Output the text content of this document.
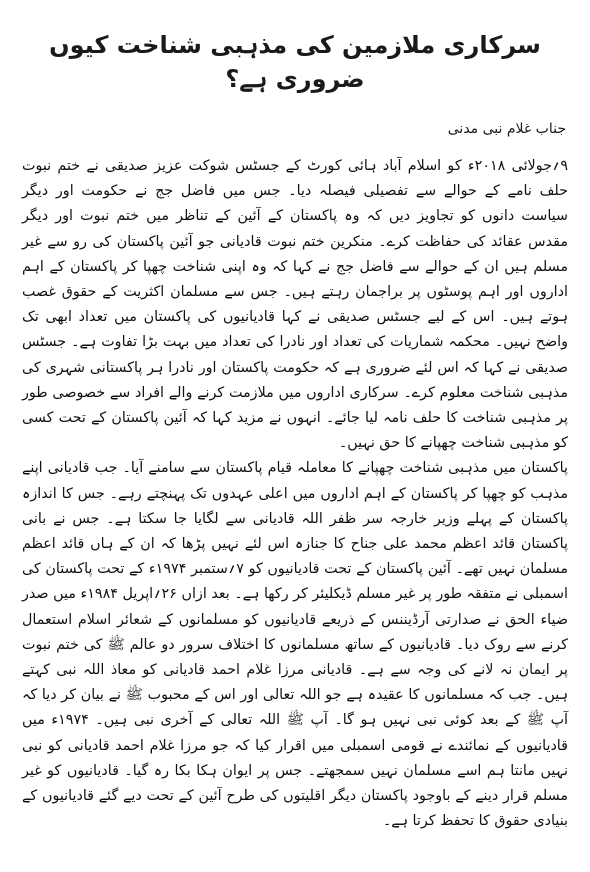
سرکاری ملازمین کی مذہبی شناخت کیوں ضروری ہے؟
جناب غلام نبی مدنی

۹؍جولائی ۲۰۱۸ء کو اسلام آباد ہائی کورٹ کے جسٹس شوکت عزیز صدیقی نے ختم نبوت حلف نامے کے حوالے سے تفصیلی فیصلہ دیا۔ جس میں فاضل جج نے حکومت اور دیگر سیاست دانوں کو تجاویز دیں کہ وہ پاکستان کے آئین کے تناظر میں ختم نبوت اور دیگر مقدس عقائد کی حفاظت کرے۔ منکرین ختم نبوت قادیانی جو آئین پاکستان کی رو سے غیر مسلم ہیں ان کے حوالے سے فاضل جج نے کہا کہ وہ اپنی شناخت چھپا کر پاکستان کے اہم اداروں اور اہم پوسٹوں پر براجمان رہتے ہیں۔ جس سے مسلمان اکثریت کے حقوق غصب ہوتے ہیں۔ اس کے لیے جسٹس صدیقی نے کہا قادیانیوں کی پاکستان میں تعداد ابھی تک واضح نہیں۔ محکمہ شماریات کی تعداد اور نادرا کی تعداد میں بہت بڑا تفاوت ہے۔ جسٹس صدیقی نے کہا کہ اس لئے ضروری ہے کہ حکومت پاکستان اور نادرا ہر پاکستانی شہری کی مذہبی شناخت معلوم کرے۔ سرکاری اداروں میں ملازمت کرنے والے افراد سے خصوصی طور پر مذہبی شناخت کا حلف نامہ لیا جائے۔ انہوں نے مزید کہا کہ آئین پاکستان کے تحت کسی کو مذہبی شناخت چھپانے کا حق نہیں۔

پاکستان میں مذہبی شناخت چھپانے کا معاملہ قیام پاکستان سے سامنے آیا۔ جب قادیانی اپنے مذہب کو چھپا کر پاکستان کے اہم اداروں میں اعلی عہدوں تک پہنچتے رہے۔ جس کا اندازہ پاکستان کے پہلے وزیر خارجہ سر ظفر اللہ قادیانی سے لگایا جا سکتا ہے۔ جس نے بانی پاکستان قائد اعظم محمد علی جناح کا جنازہ اس لئے نہیں پڑھا کہ ان کے ہاں قائد اعظم مسلمان نہیں تھے۔ آئین پاکستان کے تحت قادیانیوں کو ۷؍ستمبر ۱۹۷۴ء کے تحت پاکستان کی اسمبلی نے متفقہ طور پر غیر مسلم ڈیکلیئر کر رکھا ہے۔ بعد ازاں ۲۶؍اپریل ۱۹۸۴ء میں صدر ضیاء الحق نے صدارتی آرڈیننس کے ذریعے قادیانیوں کو مسلمانوں کے شعائر اسلام استعمال کرنے سے روک دیا۔ قادیانیوں کے ساتھ مسلمانوں کا اختلاف سرور دو عالم ﷺ کی ختم نبوت پر ایمان نہ لانے کی وجہ سے ہے۔ قادیانی مرزا غلام احمد قادیانی کو معاذ اللہ نبی کہتے ہیں۔ جب کہ مسلمانوں کا عقیدہ ہے جو اللہ تعالی اور اس کے محبوب ﷺ نے بیان کر دیا کہ آپ ﷺ کے بعد کوئی نبی نہیں ہو گا۔ آپ ﷺ اللہ تعالی کے آخری نبی ہیں۔ ۱۹۷۴ء میں قادیانیوں کے نمائندے نے قومی اسمبلی میں اقرار کیا کہ جو مرزا غلام احمد قادیانی کو نبی نہیں مانتا ہم اسے مسلمان نہیں سمجھتے۔ جس پر ایوان ہکا بکا رہ گیا۔ قادیانیوں کو غیر مسلم قرار دینے کے باوجود پاکستان دیگر اقلیتوں کی طرح آئین کے تحت دیے گئے قادیانیوں کے بنیادی حقوق کا تحفظ کرتا ہے۔
